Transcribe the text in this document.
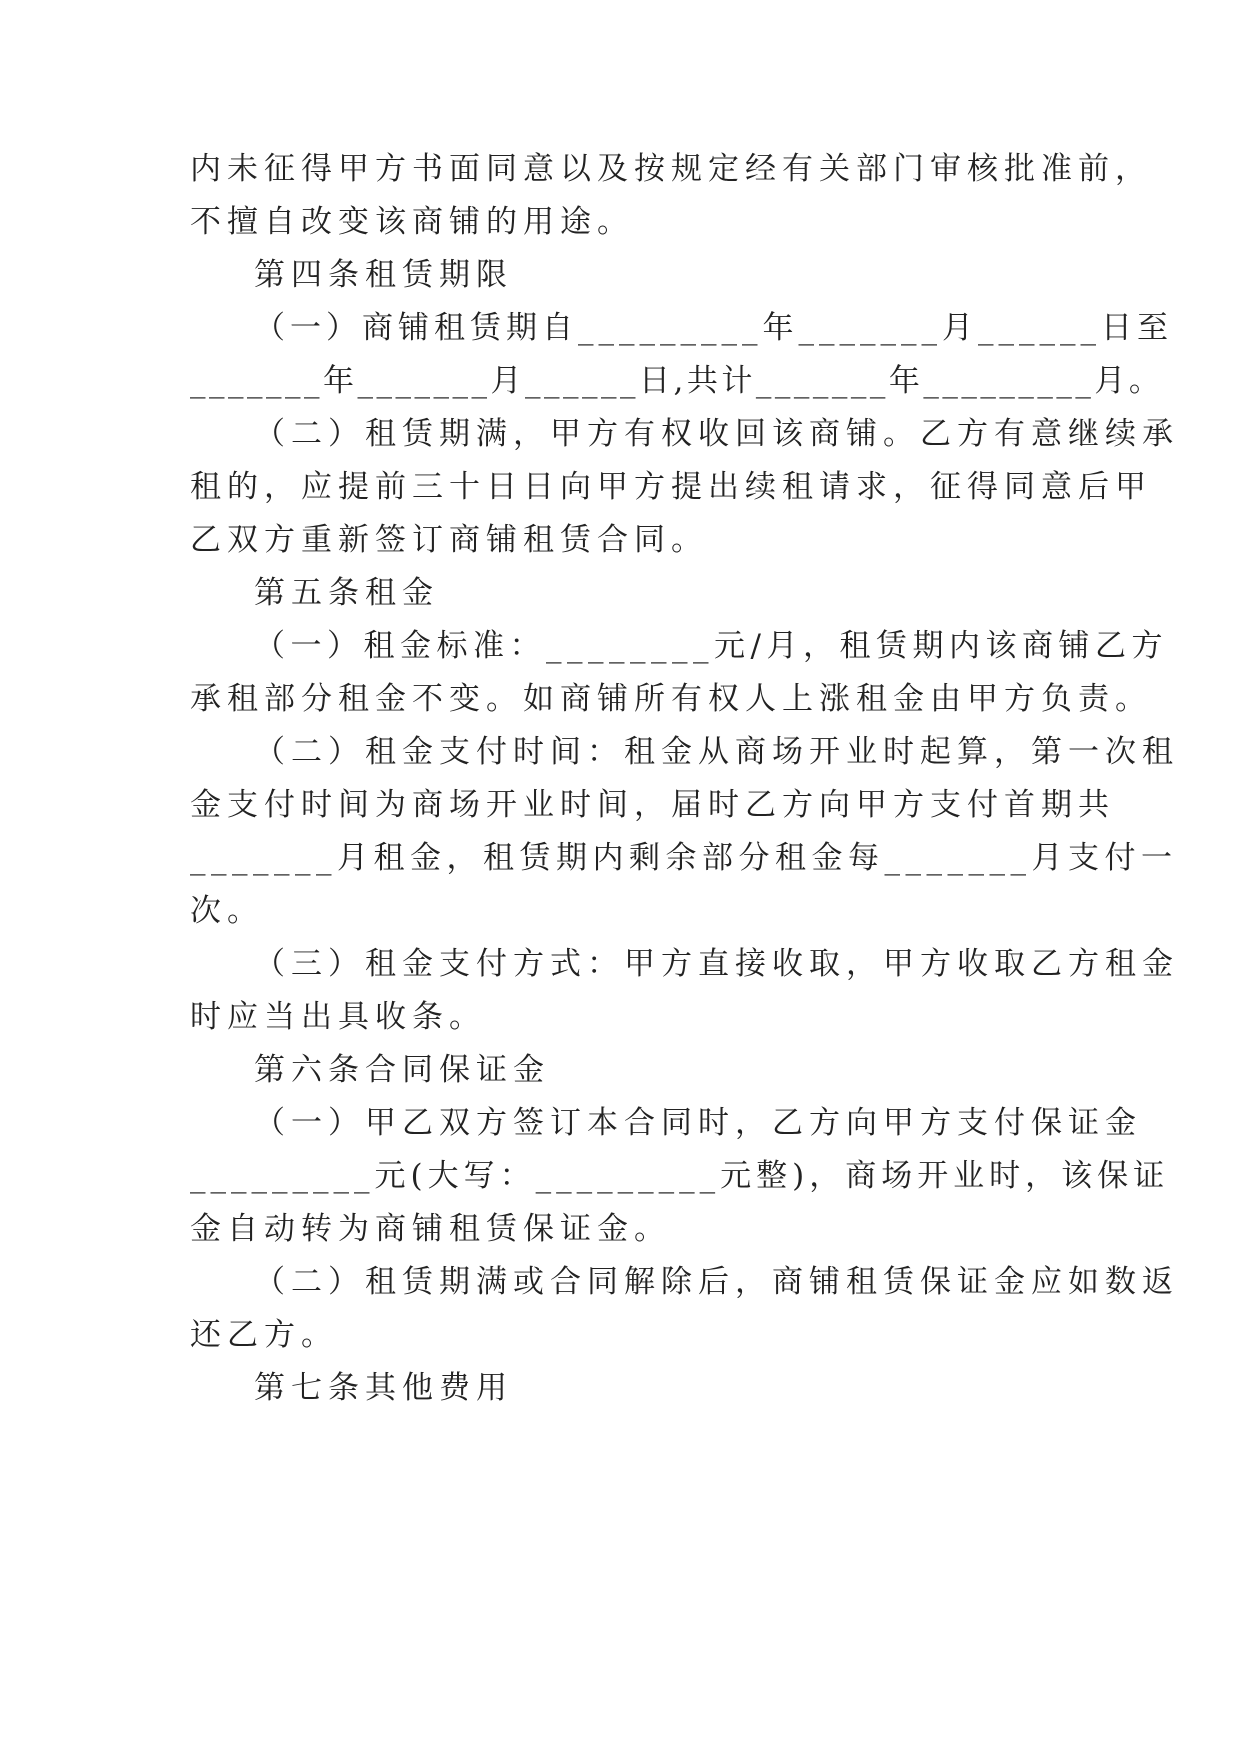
内未征得甲方书面同意以及按规定经有关部门审核批准前，
不擅自改变该商铺的用途。
第四条租赁期限
（一）商铺租赁期自_________年_______月______日至
_______年_______月______日,共计_______年_________月。
（二）租赁期满，甲方有权收回该商铺。乙方有意继续承
租的，应提前三十日日向甲方提出续租请求，征得同意后甲
乙双方重新签订商铺租赁合同。
第五条租金
（一）租金标准：________元/月，租赁期内该商铺乙方
承租部分租金不变。如商铺所有权人上涨租金由甲方负责。
（二）租金支付时间：租金从商场开业时起算，第一次租
金支付时间为商场开业时间，届时乙方向甲方支付首期共
_______月租金，租赁期内剩余部分租金每_______月支付一
次。
（三）租金支付方式：甲方直接收取，甲方收取乙方租金
时应当出具收条。
第六条合同保证金
（一）甲乙双方签订本合同时，乙方向甲方支付保证金
_________元(大写：_________元整)，商场开业时，该保证
金自动转为商铺租赁保证金。
（二）租赁期满或合同解除后，商铺租赁保证金应如数返
还乙方。
第七条其他费用
